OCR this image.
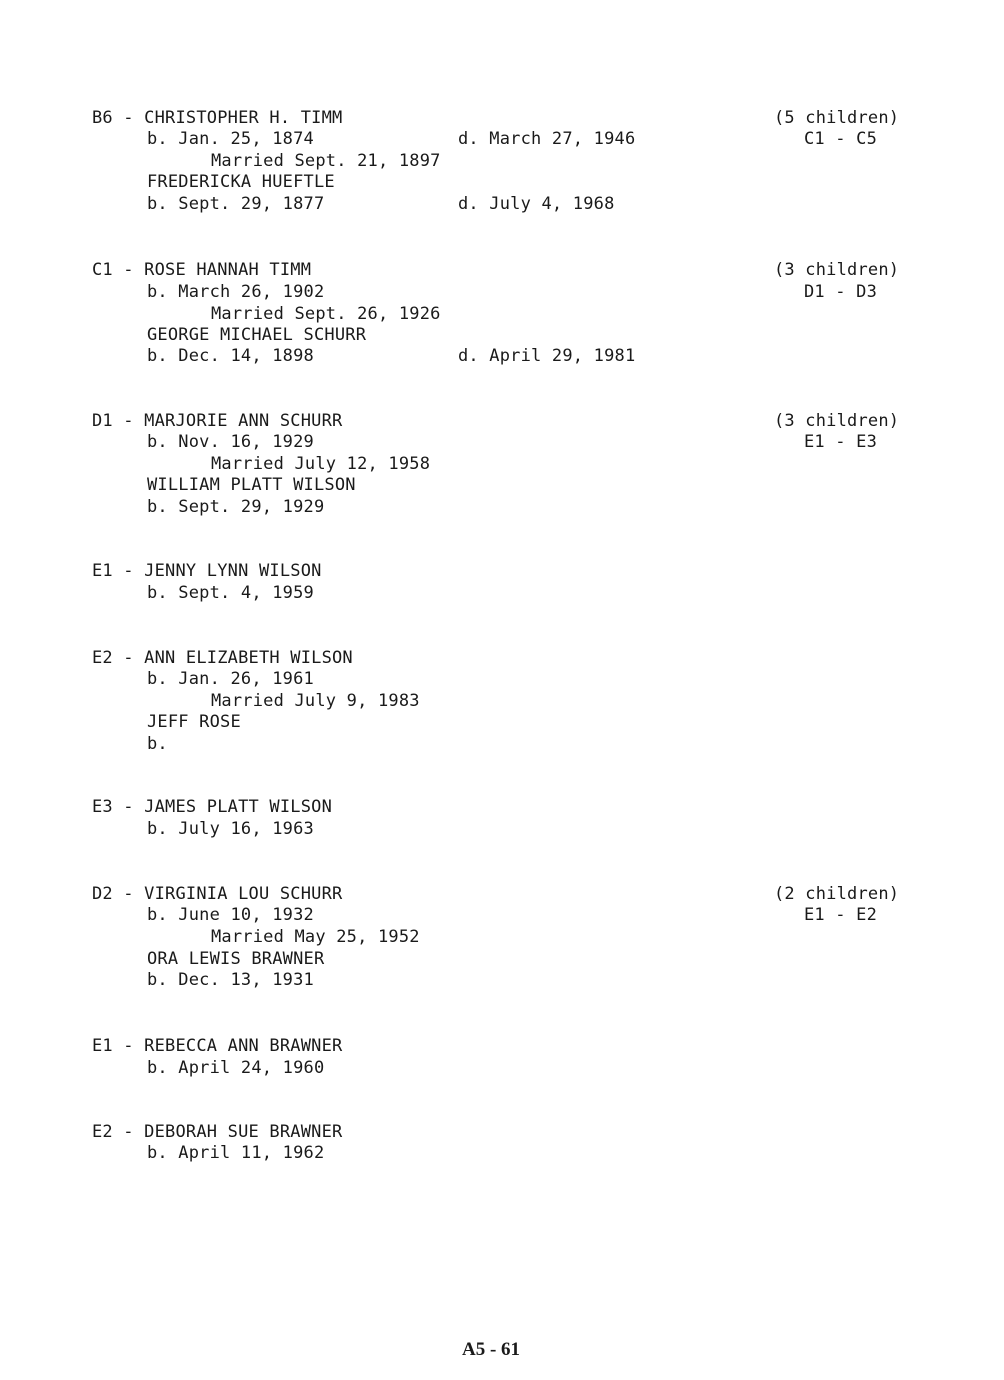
B6 - CHRISTOPHER H. TIMM
b. Jan. 25, 1874	d. March 27, 1946
Married Sept. 21, 1897
FREDERICKA HUEFTLE
b. Sept. 29, 1877	d. July 4, 1968
(5 children)
C1 - C5
C1 - ROSE HANNAH TIMM
b. March 26, 1902
Married Sept. 26, 1926
GEORGE MICHAEL SCHURR
b. Dec. 14, 1898	d. April 29, 1981
(3 children)
D1 - D3
D1 - MARJORIE ANN SCHURR
b. Nov. 16, 1929
Married July 12, 1958
WILLIAM PLATT WILSON
b. Sept. 29, 1929
(3 children)
E1 - E3
E1 - JENNY LYNN WILSON
b. Sept. 4, 1959
E2 - ANN ELIZABETH WILSON
b. Jan. 26, 1961
Married July 9, 1983
JEFF ROSE
b.
E3 - JAMES PLATT WILSON
b. July 16, 1963
D2 - VIRGINIA LOU SCHURR
b. June 10, 1932
Married May 25, 1952
ORA LEWIS BRAWNER
b. Dec. 13, 1931
(2 children)
E1 - E2
E1 - REBECCA ANN BRAWNER
b. April 24, 1960
E2 - DEBORAH SUE BRAWNER
b. April 11, 1962
A5 - 61
